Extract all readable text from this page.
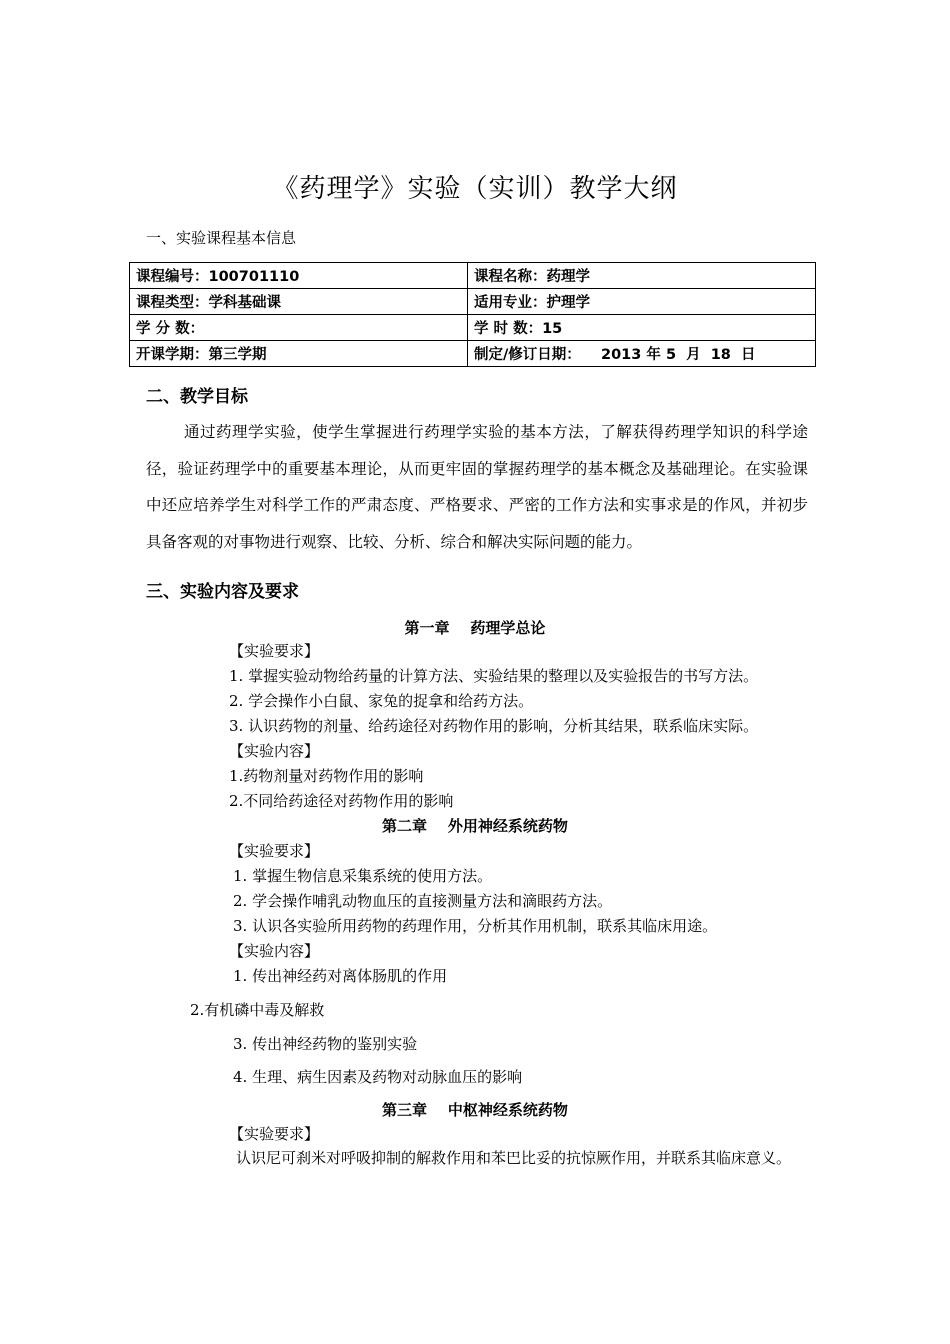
《药理学》实验（实训）教学大纲
一、实验课程基本信息
课程编号：100701110	课程名称：药理学
课程类型：学科基础课	适用专业：护理学
学 分 数：	学 时 数：15
开课学期：第三学期	制定/修订日期：    2013 年 5  月  18  日
二、教学目标
通过药理学实验，使学生掌握进行药理学实验的基本方法，了解获得药理学知识的科学途径，验证药理学中的重要基本理论，从而更牢固的掌握药理学的基本概念及基础理论。在实验课中还应培养学生对科学工作的严肃态度、严格要求、严密的工作方法和实事求是的作风，并初步具备客观的对事物进行观察、比较、分析、综合和解决实际问题的能力。
三、实验内容及要求
第一章    药理学总论
【实验要求】
1. 掌握实验动物给药量的计算方法、实验结果的整理以及实验报告的书写方法。
2. 学会操作小白鼠、家兔的捉拿和给药方法。
3. 认识药物的剂量、给药途径对药物作用的影响，分析其结果，联系临床实际。
【实验内容】
1.药物剂量对药物作用的影响
2.不同给药途径对药物作用的影响
第二章    外用神经系统药物
【实验要求】
1. 掌握生物信息采集系统的使用方法。
2. 学会操作哺乳动物血压的直接测量方法和滴眼药方法。
3. 认识各实验所用药物的药理作用，分析其作用机制，联系其临床用途。
【实验内容】
1. 传出神经药对离体肠肌的作用
2.有机磷中毒及解救
3. 传出神经药物的鉴别实验
4. 生理、病生因素及药物对动脉血压的影响
第三章    中枢神经系统药物
【实验要求】
认识尼可刹米对呼吸抑制的解救作用和苯巴比妥的抗惊厥作用，并联系其临床意义。
